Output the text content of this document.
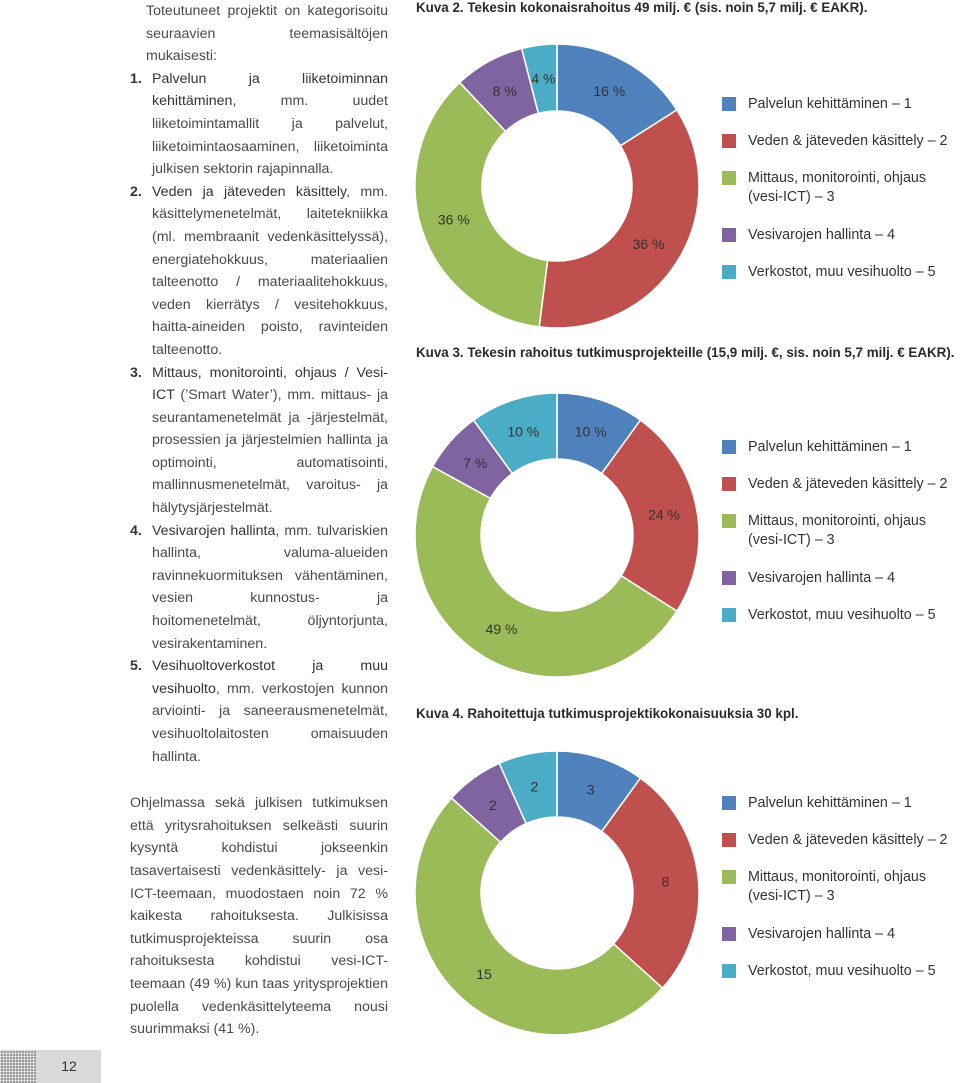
Toteutuneet projektit on kategorisoitu seuraavien teemasisältöjen mukaisesti:

1. Palvelun ja liiketoiminnan kehittäminen, mm. uudet liiketoimintamallit ja palvelut, liiketoimintaosaaminen, liiketoiminta julkisen sektorin rajapinnalla.
2. Veden ja jäteveden käsittely, mm. käsittelymenetelmät, laitetekniikka (ml. membraanit vedenkäsittelyssä), energiatehokkuus, materiaalien talteenotto / materiaalitehokkuus, veden kierrätys / vesitehokkuus, haitta-aineiden poisto, ravinteiden talteenotto.
3. Mittaus, monitorointi, ohjaus / Vesi-ICT (’Smart Water’), mm. mittaus- ja seurantamenetelmät ja -järjestelmät, prosessien ja järjestelmien hallinta ja optimointi, automatisointi, mallinnusmenetelmät, varoitus- ja hälytysjärjestelmät.
4. Vesivarojen hallinta, mm. tulvariskien hallinta, valuma-alueiden ravinnekuormituksen vähentäminen, vesien kunnostus- ja hoitomenetelmät, öljyntorjunta, vesirakentaminen.
5. Vesihuoltoverkostot ja muu vesihuolto, mm. verkostojen kunnon arviointi- ja saneerausmenetelmät, vesihuoltolaitosten omaisuuden hallinta.

Ohjelmassa sekä julkisen tutkimuksen että yritysrahoituksen selkeästi suurin kysyntä kohdistui jokseenkin tasavertaisesti vedenkäsittely- ja vesi-ICT-teemaan, muodostaen noin 72 % kaikesta rahoituksesta. Julkisissa tutkimusprojekteissa suurin osa rahoituksesta kohdistui vesi-ICT-teemaan (49 %) kun taas yritysprojektien puolella vedenkäsittelyteema nousi suurimmaksi (41 %).

Kuva 2. Tekesin kokonaisrahoitus 49 milj. € (sis. noin 5,7 milj. € EAKR).

16 %
36 %
36 %
8 %
4 %
Palvelun kehittäminen – 1
Veden & jäteveden käsittely – 2
Mittaus, monitorointi, ohjaus (vesi-ICT) – 3
Vesivarojen hallinta – 4
Verkostot, muu vesihuolto – 5

Kuva 3. Tekesin rahoitus tutkimusprojekteille (15,9 milj. €, sis. noin 5,7 milj. € EAKR).

10 %
24 %
49 %
7 %
10 %
Palvelun kehittäminen – 1
Veden & jäteveden käsittely – 2
Mittaus, monitorointi, ohjaus (vesi-ICT) – 3
Vesivarojen hallinta – 4
Verkostot, muu vesihuolto – 5

Kuva 4. Rahoitettuja tutkimusprojektikokonaisuuksia 30 kpl.

3
8
15
2
2
Palvelun kehittäminen – 1
Veden & jäteveden käsittely – 2
Mittaus, monitorointi, ohjaus (vesi-ICT) – 3
Vesivarojen hallinta – 4
Verkostot, muu vesihuolto – 5
12
